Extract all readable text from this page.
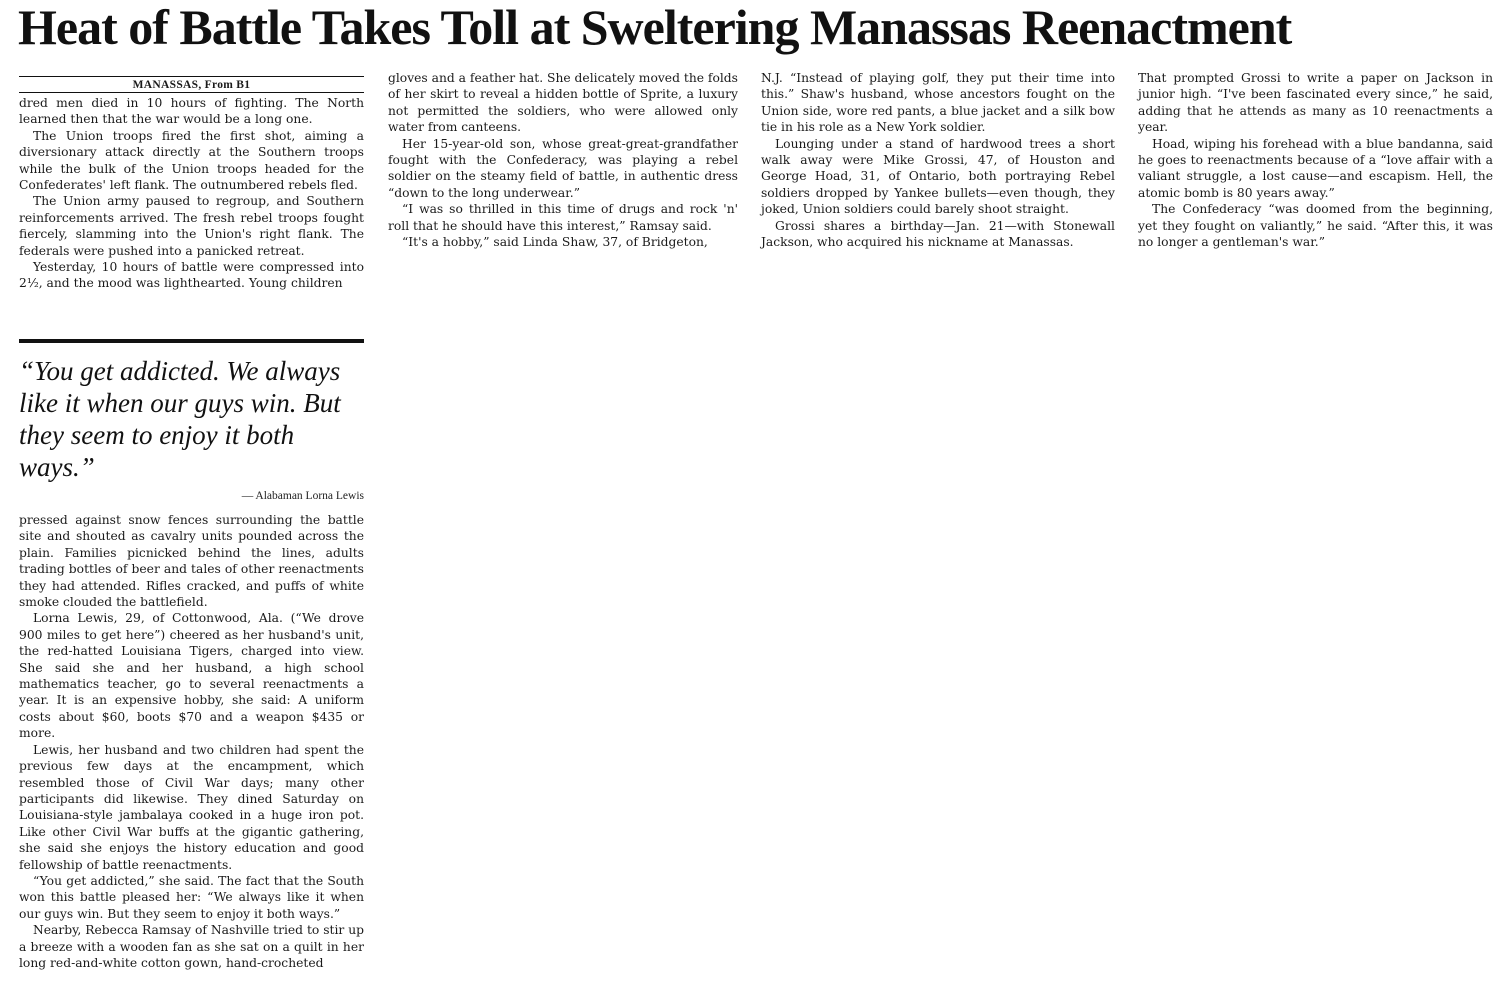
Heat of Battle Takes Toll at Sweltering Manassas Reenactment
MANASSAS, From B1

dred men died in 10 hours of fighting. The North learned then that the war would be a long one.

The Union troops fired the first shot, aiming a diversionary attack directly at the Southern troops while the bulk of the Union troops headed for the Confederates' left flank. The outnumbered rebels fled.

The Union army paused to regroup, and Southern reinforcements arrived. The fresh rebel troops fought fiercely, slamming into the Union's right flank. The federals were pushed into a panicked retreat.

Yesterday, 10 hours of battle were compressed into 2½, and the mood was lighthearted. Young children

“You get addicted. We always like it when our guys win. But they seem to enjoy it both ways.”

— Alabaman Lorna Lewis

pressed against snow fences surrounding the battle site and shouted as cavalry units pounded across the plain. Families picnicked behind the lines, adults trading bottles of beer and tales of other reenactments they had attended. Rifles cracked, and puffs of white smoke clouded the battlefield.

Lorna Lewis, 29, of Cottonwood, Ala. (“We drove 900 miles to get here”) cheered as her husband's unit, the red-hatted Louisiana Tigers, charged into view. She said she and her husband, a high school mathematics teacher, go to several reenactments a year. It is an expensive hobby, she said: A uniform costs about $60, boots $70 and a weapon $435 or more.

Lewis, her husband and two children had spent the previous few days at the encampment, which resembled those of Civil War days; many other participants did likewise. They dined Saturday on Louisiana-style jambalaya cooked in a huge iron pot. Like other Civil War buffs at the gigantic gathering, she said she enjoys the history education and good fellowship of battle reenactments.

“You get addicted,” she said. The fact that the South won this battle pleased her: “We always like it when our guys win. But they seem to enjoy it both ways.”

Nearby, Rebecca Ramsay of Nashville tried to stir up a breeze with a wooden fan as she sat on a quilt in her long red-and-white cotton gown, hand-crocheted

gloves and a feather hat. She delicately moved the folds of her skirt to reveal a hidden bottle of Sprite, a luxury not permitted the soldiers, who were allowed only water from canteens.

Her 15-year-old son, whose great-great-grandfather fought with the Confederacy, was playing a rebel soldier on the steamy field of battle, in authentic dress “down to the long underwear.”

“I was so thrilled in this time of drugs and rock 'n' roll that he should have this interest,” Ramsay said.

“It's a hobby,” said Linda Shaw, 37, of Bridgeton,

N.J. “Instead of playing golf, they put their time into this.” Shaw's husband, whose ancestors fought on the Union side, wore red pants, a blue jacket and a silk bow tie in his role as a New York soldier.

Lounging under a stand of hardwood trees a short walk away were Mike Grossi, 47, of Houston and George Hoad, 31, of Ontario, both portraying Rebel soldiers dropped by Yankee bullets—even though, they joked, Union soldiers could barely shoot straight.

Grossi shares a birthday—Jan. 21—with Stonewall Jackson, who acquired his nickname at Manassas.

That prompted Grossi to write a paper on Jackson in junior high. “I've been fascinated every since,” he said, adding that he attends as many as 10 reenactments a year.

Hoad, wiping his forehead with a blue bandanna, said he goes to reenactments because of a “love affair with a valiant struggle, a lost cause—and escapism. Hell, the atomic bomb is 80 years away.”

The Confederacy “was doomed from the beginning, yet they fought on valiantly,” he said. “After this, it was no longer a gentleman's war.”
